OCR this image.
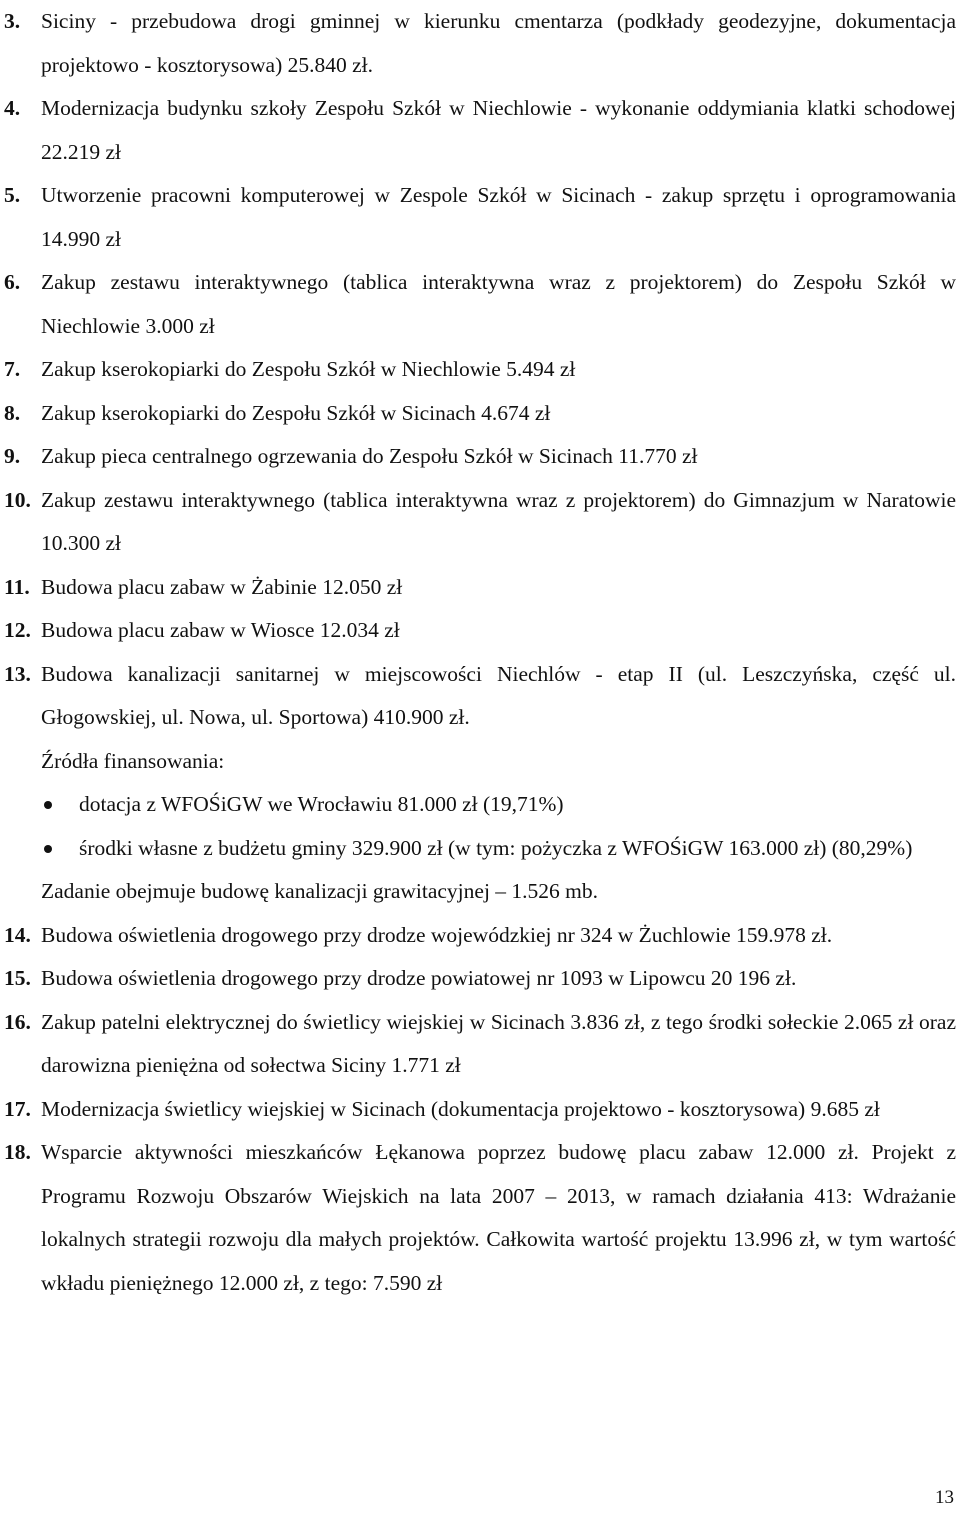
3. Siciny - przebudowa drogi gminnej w kierunku cmentarza (podkłady geodezyjne, dokumentacja projektowo - kosztorysowa) 25.840 zł.
4. Modernizacja budynku szkoły Zespołu Szkół w Niechlowie - wykonanie oddymiania klatki schodowej 22.219 zł
5. Utworzenie pracowni komputerowej w Zespole Szkół w Sicinach - zakup sprzętu i oprogramowania 14.990 zł
6. Zakup zestawu interaktywnego (tablica interaktywna wraz z projektorem) do Zespołu Szkół w Niechlowie 3.000 zł
7. Zakup kserokopiarki do Zespołu Szkół w Niechlowie 5.494 zł
8. Zakup kserokopiarki do Zespołu Szkół w Sicinach 4.674 zł
9. Zakup pieca centralnego ogrzewania do Zespołu Szkół w Sicinach 11.770 zł
10. Zakup zestawu interaktywnego (tablica interaktywna wraz z projektorem) do Gimnazjum w Naratowie 10.300 zł
11. Budowa placu zabaw w Żabinie 12.050 zł
12. Budowa placu zabaw w Wiosce 12.034 zł
13. Budowa kanalizacji sanitarnej w miejscowości Niechlów - etap II (ul. Leszczyńska, część ul. Głogowskiej, ul. Nowa, ul. Sportowa) 410.900 zł.
Źródła finansowania:
dotacja z WFOŚiGW we Wrocławiu 81.000 zł (19,71%)
środki własne z budżetu gminy 329.900 zł (w tym: pożyczka z WFOŚiGW 163.000 zł) (80,29%)
Zadanie obejmuje budowę kanalizacji grawitacyjnej – 1.526 mb.
14. Budowa oświetlenia drogowego przy drodze wojewódzkiej nr 324 w Żuchlowie 159.978 zł.
15. Budowa oświetlenia drogowego przy drodze powiatowej nr 1093 w Lipowcu 20 196 zł.
16. Zakup patelni elektrycznej do świetlicy wiejskiej w Sicinach 3.836 zł, z tego środki sołeckie 2.065 zł oraz darowizna pieniężna od sołectwa Siciny 1.771 zł
17. Modernizacja świetlicy wiejskiej w Sicinach (dokumentacja projektowo - kosztorysowa) 9.685 zł
18. Wsparcie aktywności mieszkańców Łękanowa poprzez budowę placu zabaw 12.000 zł. Projekt z Programu Rozwoju Obszarów Wiejskich na lata 2007 – 2013, w ramach działania 413: Wdrażanie lokalnych strategii rozwoju dla małych projektów. Całkowita wartość projektu 13.996 zł, w tym wartość wkładu pieniężnego 12.000 zł, z tego: 7.590 zł
13
